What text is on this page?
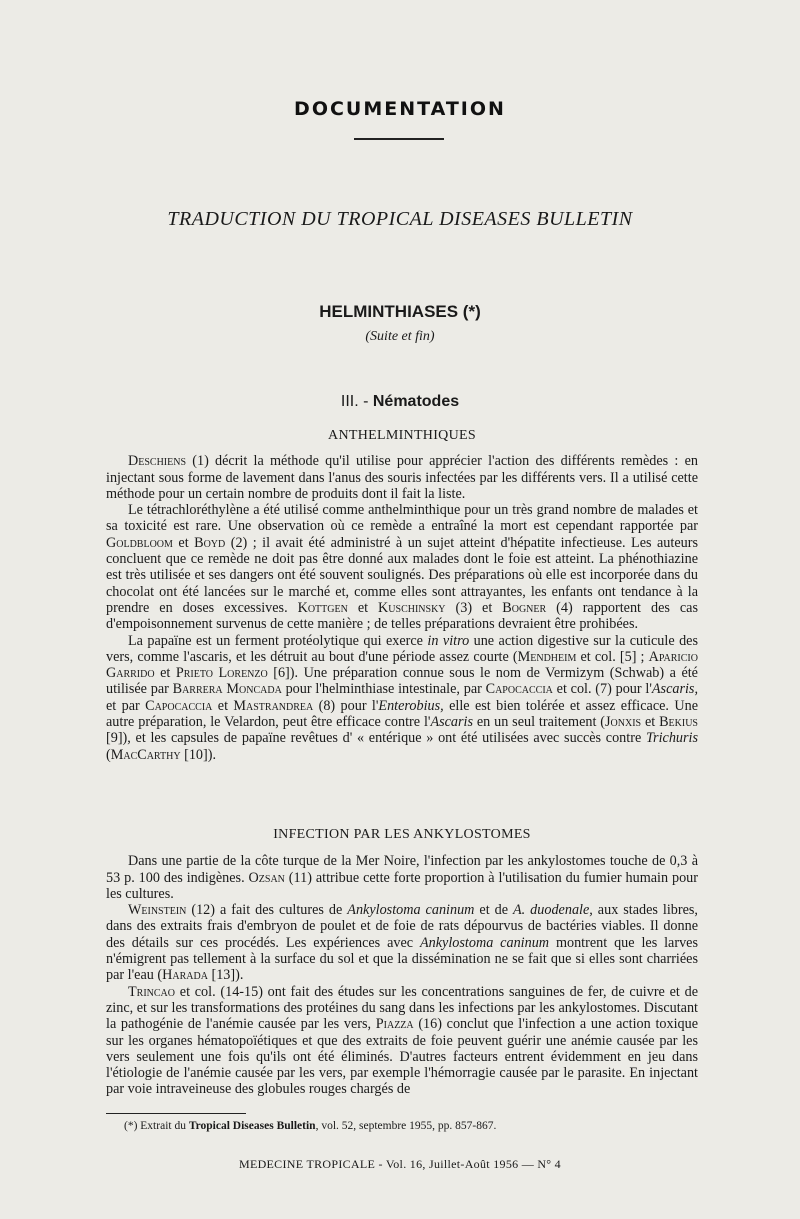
DOCUMENTATION
TRADUCTION DU TROPICAL DISEASES BULLETIN
HELMINTHIASES (*)
(Suite et fin)
III. - Nématodes
ANTHELMINTHIQUES

Deschiens (1) décrit la méthode qu'il utilise pour apprécier l'action des différents remèdes : en injectant sous forme de lavement dans l'anus des souris infectées par les différents vers. Il a utilisé cette méthode pour un certain nombre de produits dont il fait la liste.

Le tétrachloréthylène a été utilisé comme anthelminthique pour un très grand nombre de malades et sa toxicité est rare. Une observation où ce remède a entraîné la mort est cependant rapportée par Goldbloom et Boyd (2) ; il avait été administré à un sujet atteint d'hépatite infectieuse. Les auteurs concluent que ce remède ne doit pas être donné aux malades dont le foie est atteint. La phénothiazine est très utilisée et ses dangers ont été souvent soulignés. Des préparations où elle est incorporée dans du chocolat ont été lancées sur le marché et, comme elles sont attrayantes, les enfants ont tendance à la prendre en doses excessives. Kottgen et Kuschinsky (3) et Bogner (4) rapportent des cas d'empoisonnement survenus de cette manière ; de telles préparations devraient être prohibées.

La papaïne est un ferment protéolytique qui exerce in vitro une action digestive sur la cuticule des vers, comme l'ascaris, et les détruit au bout d'une période assez courte (Mendheim et col. [5] ; Aparicio Garrido et Prieto Lorenzo [6]). Une préparation connue sous le nom de Vermizym (Schwab) a été utilisée par Barrera Moncada pour l'helminthiase intestinale, par Capocaccia et col. (7) pour l'Ascaris, et par Capocaccia et Mastrandrea (8) pour l'Enterobius, elle est bien tolérée et assez efficace. Une autre préparation, le Velardon, peut être efficace contre l'Ascaris en un seul traitement (Jonxis et Bekius [9]), et les capsules de papaïne revêtues d' « entérique » ont été utilisées avec succès contre Trichuris (MacCarthy [10]).

INFECTION PAR LES ANKYLOSTOMES

Dans une partie de la côte turque de la Mer Noire, l'infection par les ankylostomes touche de 0,3 à 53 p. 100 des indigènes. Ozsan (11) attribue cette forte proportion à l'utilisation du fumier humain pour les cultures.

Weinstein (12) a fait des cultures de Ankylostoma caninum et de A. duodenale, aux stades libres, dans des extraits frais d'embryon de poulet et de foie de rats dépourvus de bactéries viables. Il donne des détails sur ces procédés. Les expériences avec Ankylostoma caninum montrent que les larves n'émigrent pas tellement à la surface du sol et que la dissémination ne se fait que si elles sont charriées par l'eau (Harada [13]).

Trincao et col. (14-15) ont fait des études sur les concentrations sanguines de fer, de cuivre et de zinc, et sur les transformations des protéines du sang dans les infections par les ankylostomes. Discutant la pathogénie de l'anémie causée par les vers, Piazza (16) conclut que l'infection a une action toxique sur les organes hématopoïétiques et que des extraits de foie peuvent guérir une anémie causée par les vers seulement une fois qu'ils ont été éliminés. D'autres facteurs entrent évidemment en jeu dans l'étiologie de l'anémie causée par les vers, par exemple l'hémorragie causée par le parasite. En injectant par voie intraveineuse des globules rouges chargés de

(*) Extrait du Tropical Diseases Bulletin, vol. 52, septembre 1955, pp. 857-867.
MEDECINE TROPICALE - Vol. 16, Juillet-Août 1956 — N° 4
